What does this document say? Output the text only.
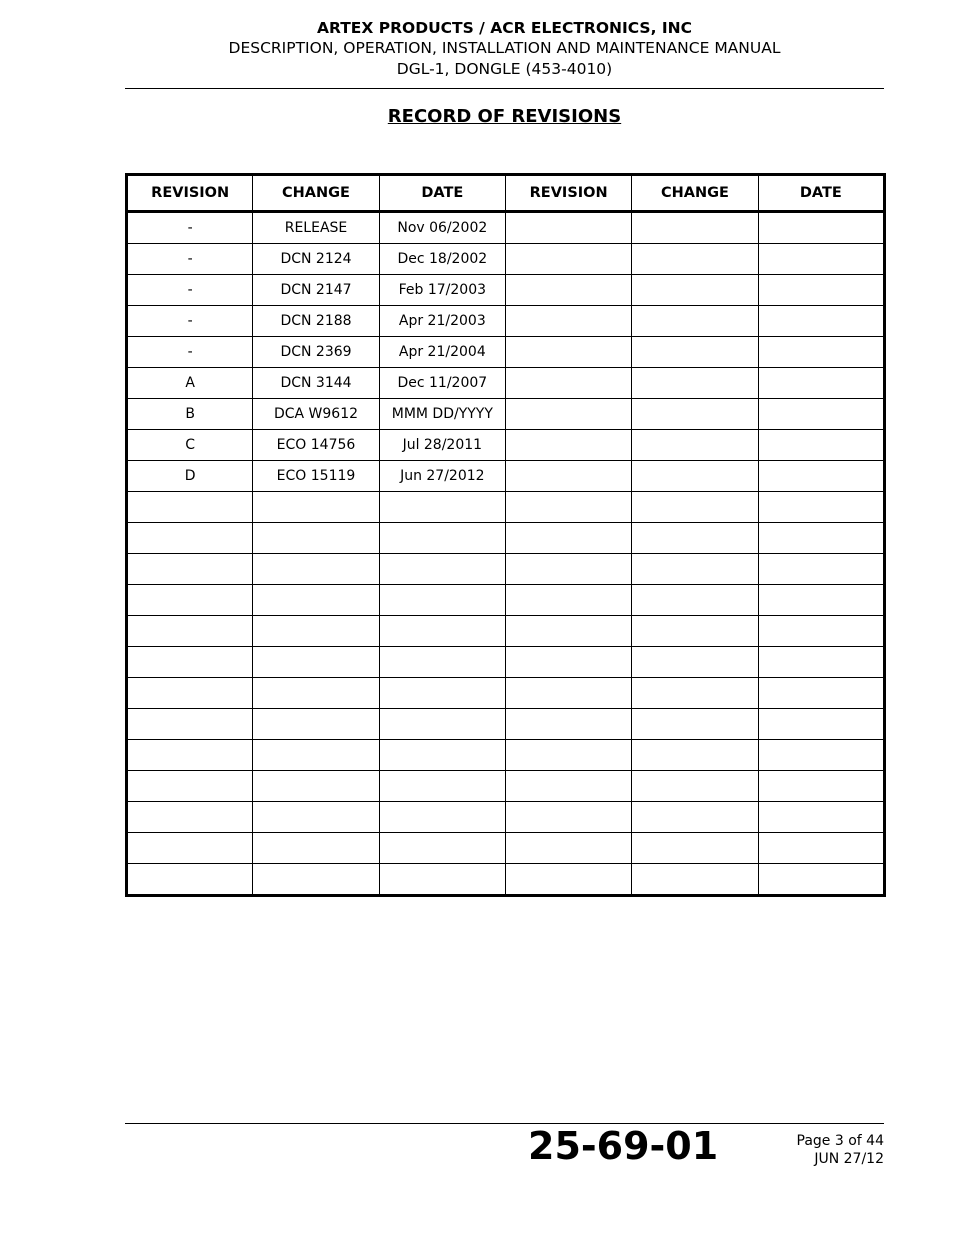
ARTEX PRODUCTS / ACR ELECTRONICS, INC
DESCRIPTION, OPERATION, INSTALLATION AND MAINTENANCE MANUAL
DGL-1, DONGLE (453-4010)
RECORD OF REVISIONS
REVISION	CHANGE	DATE	REVISION	CHANGE	DATE
-	RELEASE	Nov 06/2002			
-	DCN 2124	Dec 18/2002			
-	DCN 2147	Feb 17/2003			
-	DCN 2188	Apr 21/2003			
-	DCN 2369	Apr 21/2004			
A	DCN 3144	Dec 11/2007			
B	DCA W9612	MMM DD/YYYY			
C	ECO 14756	Jul 28/2011			
D	ECO 15119	Jun 27/2012			

25-69-01	Page 3 of 44
JUN 27/12
